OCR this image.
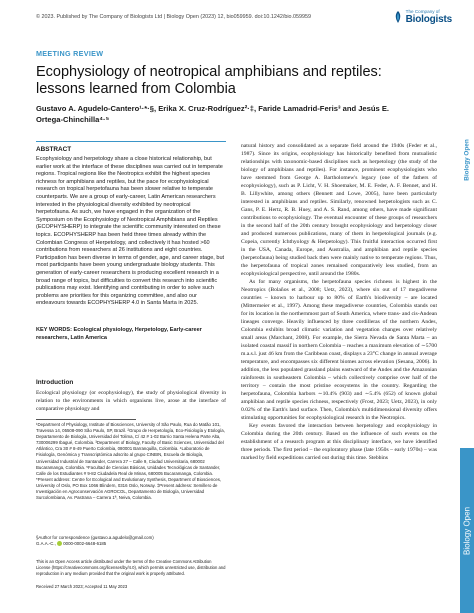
© 2023. Published by The Company of Biologists Ltd | Biology Open (2023) 12, bio059959. doi:10.1242/bio.059959
The Company of
Biologists
MEETING REVIEW
Biology Open
Ecophysiology of neotropical amphibians and reptiles: lessons learned from Colombia
Gustavo A. Agudelo-Cantero¹·*·§, Erika X. Cruz-Rodríguez²·‡, Faride Lamadrid-Feris³ and Jesús E. Ortega-Chinchilla⁴·⁵
ABSTRACT

Ecophysiology and herpetology share a close historical relationship, but earlier work at the interface of these disciplines was carried out in temperate regions. Tropical regions like the Neotropics exhibit the highest species richness for amphibians and reptiles, but the pace for ecophysiological research on tropical herpetofauna has been slower relative to temperate counterparts. We are a group of early-career, Latin American researchers interested in the physiological diversity exhibited by neotropical herpetofauna. As such, we have engaged in the organization of the Symposium on the Ecophysiology of Neotropical Amphibians and Reptiles (ECOPHYSHERP) to integrate the scientific community interested on these topics. ECOPHYSHERP has been held three times already within the Colombian Congress of Herpetology, and collectively it has hosted >60 contributions from researchers at 26 institutions and eight countries. Participation has been diverse in terms of gender, age, and career stage, but most participants have been young undergraduate biology students. This generation of early-career researchers is producing excellent research in a broad range of topics, but difficulties to convert this research into scientific publications may exist. Identifying and contributing in order to solve such problems are priorities for this organizing committee, and also our endeavours towards ECOPHYSHERP 4.0 in Santa Marta in 2025.

KEY WORDS: Ecological physiology, Herpetology, Early-career researchers, Latin America

Introduction

Ecological physiology (or ecophysiology), the study of physiological diversity in relation to the environments in which organisms live, arose at the interface of comparative physiology and

¹Department of Physiology, Institute of Biosciences, University of São Paulo, Rua do Matão 101, Travessa 14, 05508-090 São Paulo, SP, Brazil. ²Grupo de Herpetología, Eco-Fisiología y Etología, Departamento de Biología, Universidad del Tolima, C/ 42 # 1-02 Barrio Santa Helena Parte Alta, 730006299 Ibagué, Colombia. ³Department of Biology, Faculty of Basic Sciences, Universidad del Atlántico, Cra 30 # 8-49 Puerto Colombia, 080001 Barranquilla, Colombia. ⁴Laboratorio de Fisiología, Genómica y Transcriptómica adscrito al grupo CINBIN, Escuela de Biología, Universidad Industrial de Santander, Carrera 27 – Calle 9, Ciudad Universitaria, 680002 Bucaramanga, Colombia. ⁵Facultad de Ciencias Básicas, Unidades Tecnológicas de Santander, Calle de los Estudiantes # 9-82 Ciudadela Real de Minas, 680005 Bucaramanga, Colombia. *Present address: Centre for Ecological and Evolutionary Synthesis, Department of Biosciences, University of Oslo, PO Box 1066 Blindern, 0316 Oslo, Norway. ‡Present address: Semillero de Investigación en Agroconservación AGROCOL, Departamento de Biología, Universidad Surcolombiana, Av. Pastrana – Carrera 1ª, Neiva, Colombia.

§Author for correspondence (gustavo.a.agudelo@gmail.com)
G.A.A.-C., 0000-0002-6648-6185

This is an Open Access article distributed under the terms of the Creative Commons Attribution License (https://creativecommons.org/licenses/by/4.0), which permits unrestricted use, distribution and reproduction in any medium provided that the original work is properly attributed.

Received 27 March 2023; Accepted 11 May 2023

natural history and consolidated as a separate field around the 1940s (Feder et al., 1987). Since its origins, ecophysiology has historically benefited from mutualistic relationships with taxonomic-based disciplines such as herpetology (the study of the biology of amphibians and reptiles). For instance, prominent ecophysiologists who have stemmed from George A. Bartholomew's legacy (one of the fathers of ecophysiology), such as P. Licht, V. H. Shoemaker, M. E. Feder, A. F. Bennet, and H. B. Lillywhite, among others (Bennett and Lowe, 2005), have been particularly interested in amphibians and reptiles. Similarly, renowned herpetologists such as C. Gans, P. E. Hertz, R. B. Huey, and A. S. Rand, among others, have made significant contributions to ecophysiology. The eventual encounter of these groups of researchers in the second half of the 20th century brought ecophysiology and herpetology closer and produced numerous publications, many of them in herpetological journals (e.g. Copeia, currently Ichthyology & Herpetology). This fruitful interaction occurred first in the USA, Canada, Europe, and Australia, and amphibian and reptile species (herpetofauna) being studied back then were mainly native to temperate regions. Thus, the herpetofauna of tropical zones remained comparatively less studied, from an ecophysiological perspective, until around the 1980s.

As for many organisms, the herpetofauna species richness is highest in the Neotropics (Bolaños et al., 2008; Uetz, 2023), where six out of 17 megadiverse countries – known to harbour up to 80% of Earth's biodiversity – are located (Mittermeier et al., 1997). Among these megadiverse countries, Colombia stands out for its location in the northernmost part of South America, where trans- and cis-Andean lineages converge. Heavily influenced by three cordilleras of the northern Andes, Colombia exhibits broad climatic variation and vegetation changes over relatively small areas (Marchant, 2008). For example, the Sierra Nevada de Santa Marta – an isolated coastal massif in northern Colombia – reaches a maximum elevation of ∼5700 m.a.s.l. just 46 km from the Caribbean coast, displays a 23°C change in annual average temperature, and encompasses six different biomes across elevation (Sesana, 2006). In addition, the less populated grassland plains eastward of the Andes and the Amazonian rainforests in southeastern Colombia – which collectively comprise over half of the territory – contain the most pristine ecosystems in the country. Regarding the herpetofauna, Colombia harbors ∼10.4% (903) and ∼5.4% (652) of known global amphibian and reptile species richness, respectively (Frost, 2023; Uetz, 2023), in only 0.02% of the Earth's land surface. Then, Colombia's multidimensional diversity offers stimulating opportunities for ecophysiological research in the Neotropics.

Key events favored the interaction between herpetology and ecophysiology in Colombia during the 20th century. Based on the influence of such events on the establishment of a research program at this disciplinary interface, we have identified three periods. The first period – the exploratory phase (late 1950s – early 1970s) – was marked by field expeditions carried out during this time. Stebbins

Biology Open
